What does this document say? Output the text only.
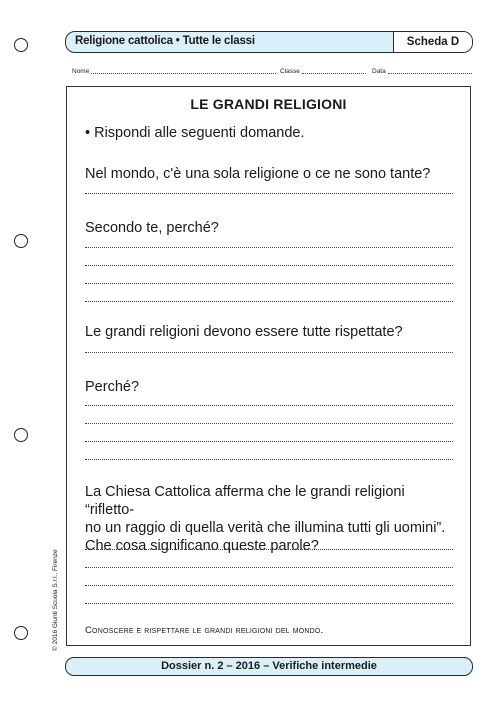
Religione cattolica • Tutte le classi	Scheda D
Nome	Classe	Data
LE GRANDI RELIGIONI
• Rispondi alle seguenti domande.
Nel mondo, c'è una sola religione o ce ne sono tante?
Secondo te, perché?
Le grandi religioni devono essere tutte rispettate?
Perché?
La Chiesa Cattolica afferma che le grandi religioni “rifletto-
no un raggio di quella verità che illumina tutti gli uomini”.
Che cosa significano queste parole?
Conoscere e rispettare le grandi religioni del mondo.
© 2016 Giunti Scuola S.r.l., Firenze
Dossier n. 2 – 2016 – Verifiche intermedie
